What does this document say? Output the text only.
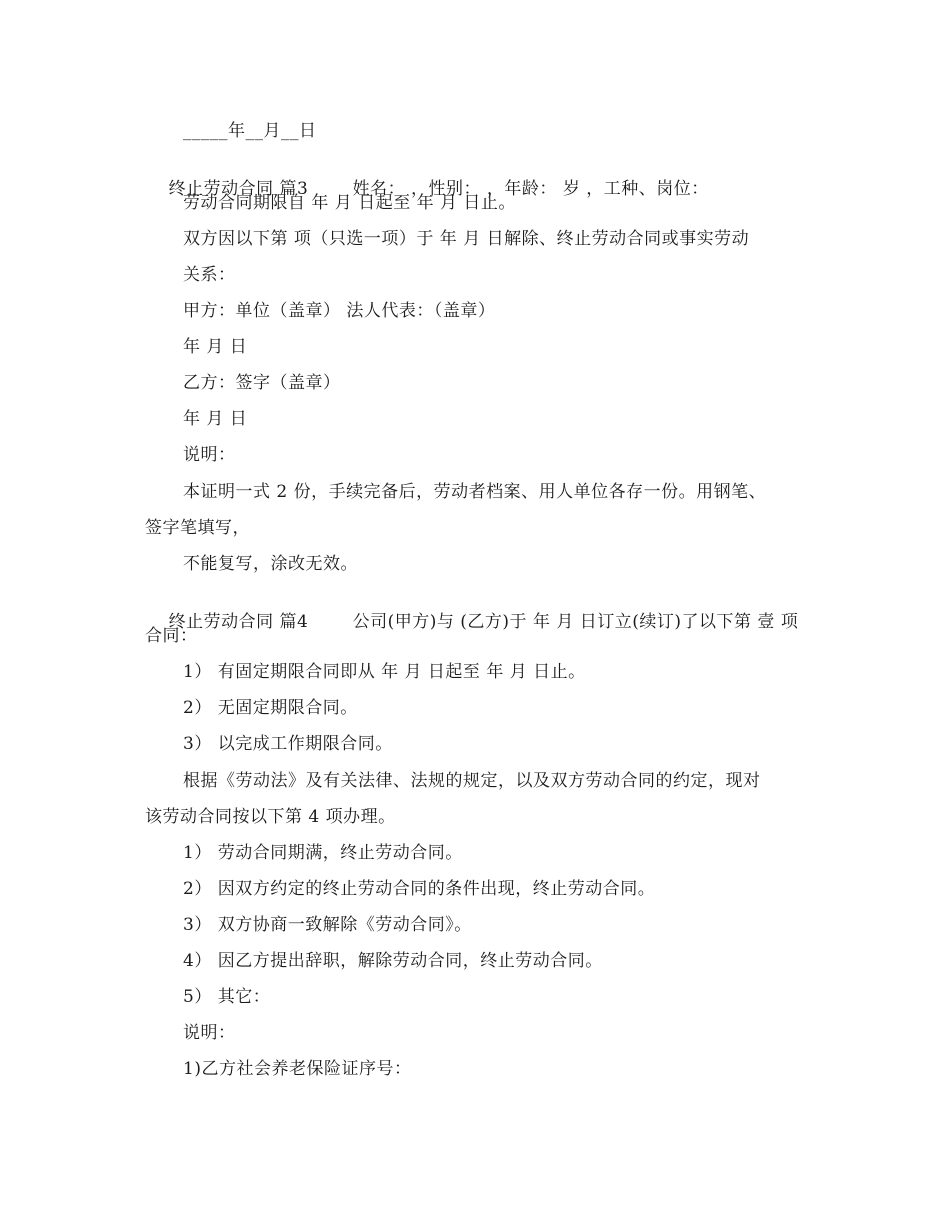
_____年__月__日

终止劳动合同 篇3	姓名： ，性别： ，年龄： 岁 ，工种、岗位：

劳动合同期限自 年 月 日起至 年 月 日止。
双方因以下第 项（只选一项）于 年 月 日解除、终止劳动合同或事实劳动
关系：
甲方：单位（盖章） 法人代表：（盖章）
年 月 日
乙方：签字（盖章）
年 月 日
说明：
本证明一式 2 份，手续完备后，劳动者档案、用人单位各存一份。用钢笔、
签字笔填写，
不能复写，涂改无效。

终止劳动合同 篇4	公司(甲方)与 (乙方)于 年 月 日订立(续订)了以下第 壹 项

合同：
1） 有固定期限合同即从 年 月 日起至 年 月 日止。
2） 无固定期限合同。
3） 以完成工作期限合同。
根据《劳动法》及有关法律、法规的规定，以及双方劳动合同的约定，现对
该劳动合同按以下第 4 项办理。
1） 劳动合同期满，终止劳动合同。
2） 因双方约定的终止劳动合同的条件出现，终止劳动合同。
3） 双方协商一致解除《劳动合同》。
4） 因乙方提出辞职，解除劳动合同，终止劳动合同。
5） 其它：
说明：
1)乙方社会养老保险证序号：
